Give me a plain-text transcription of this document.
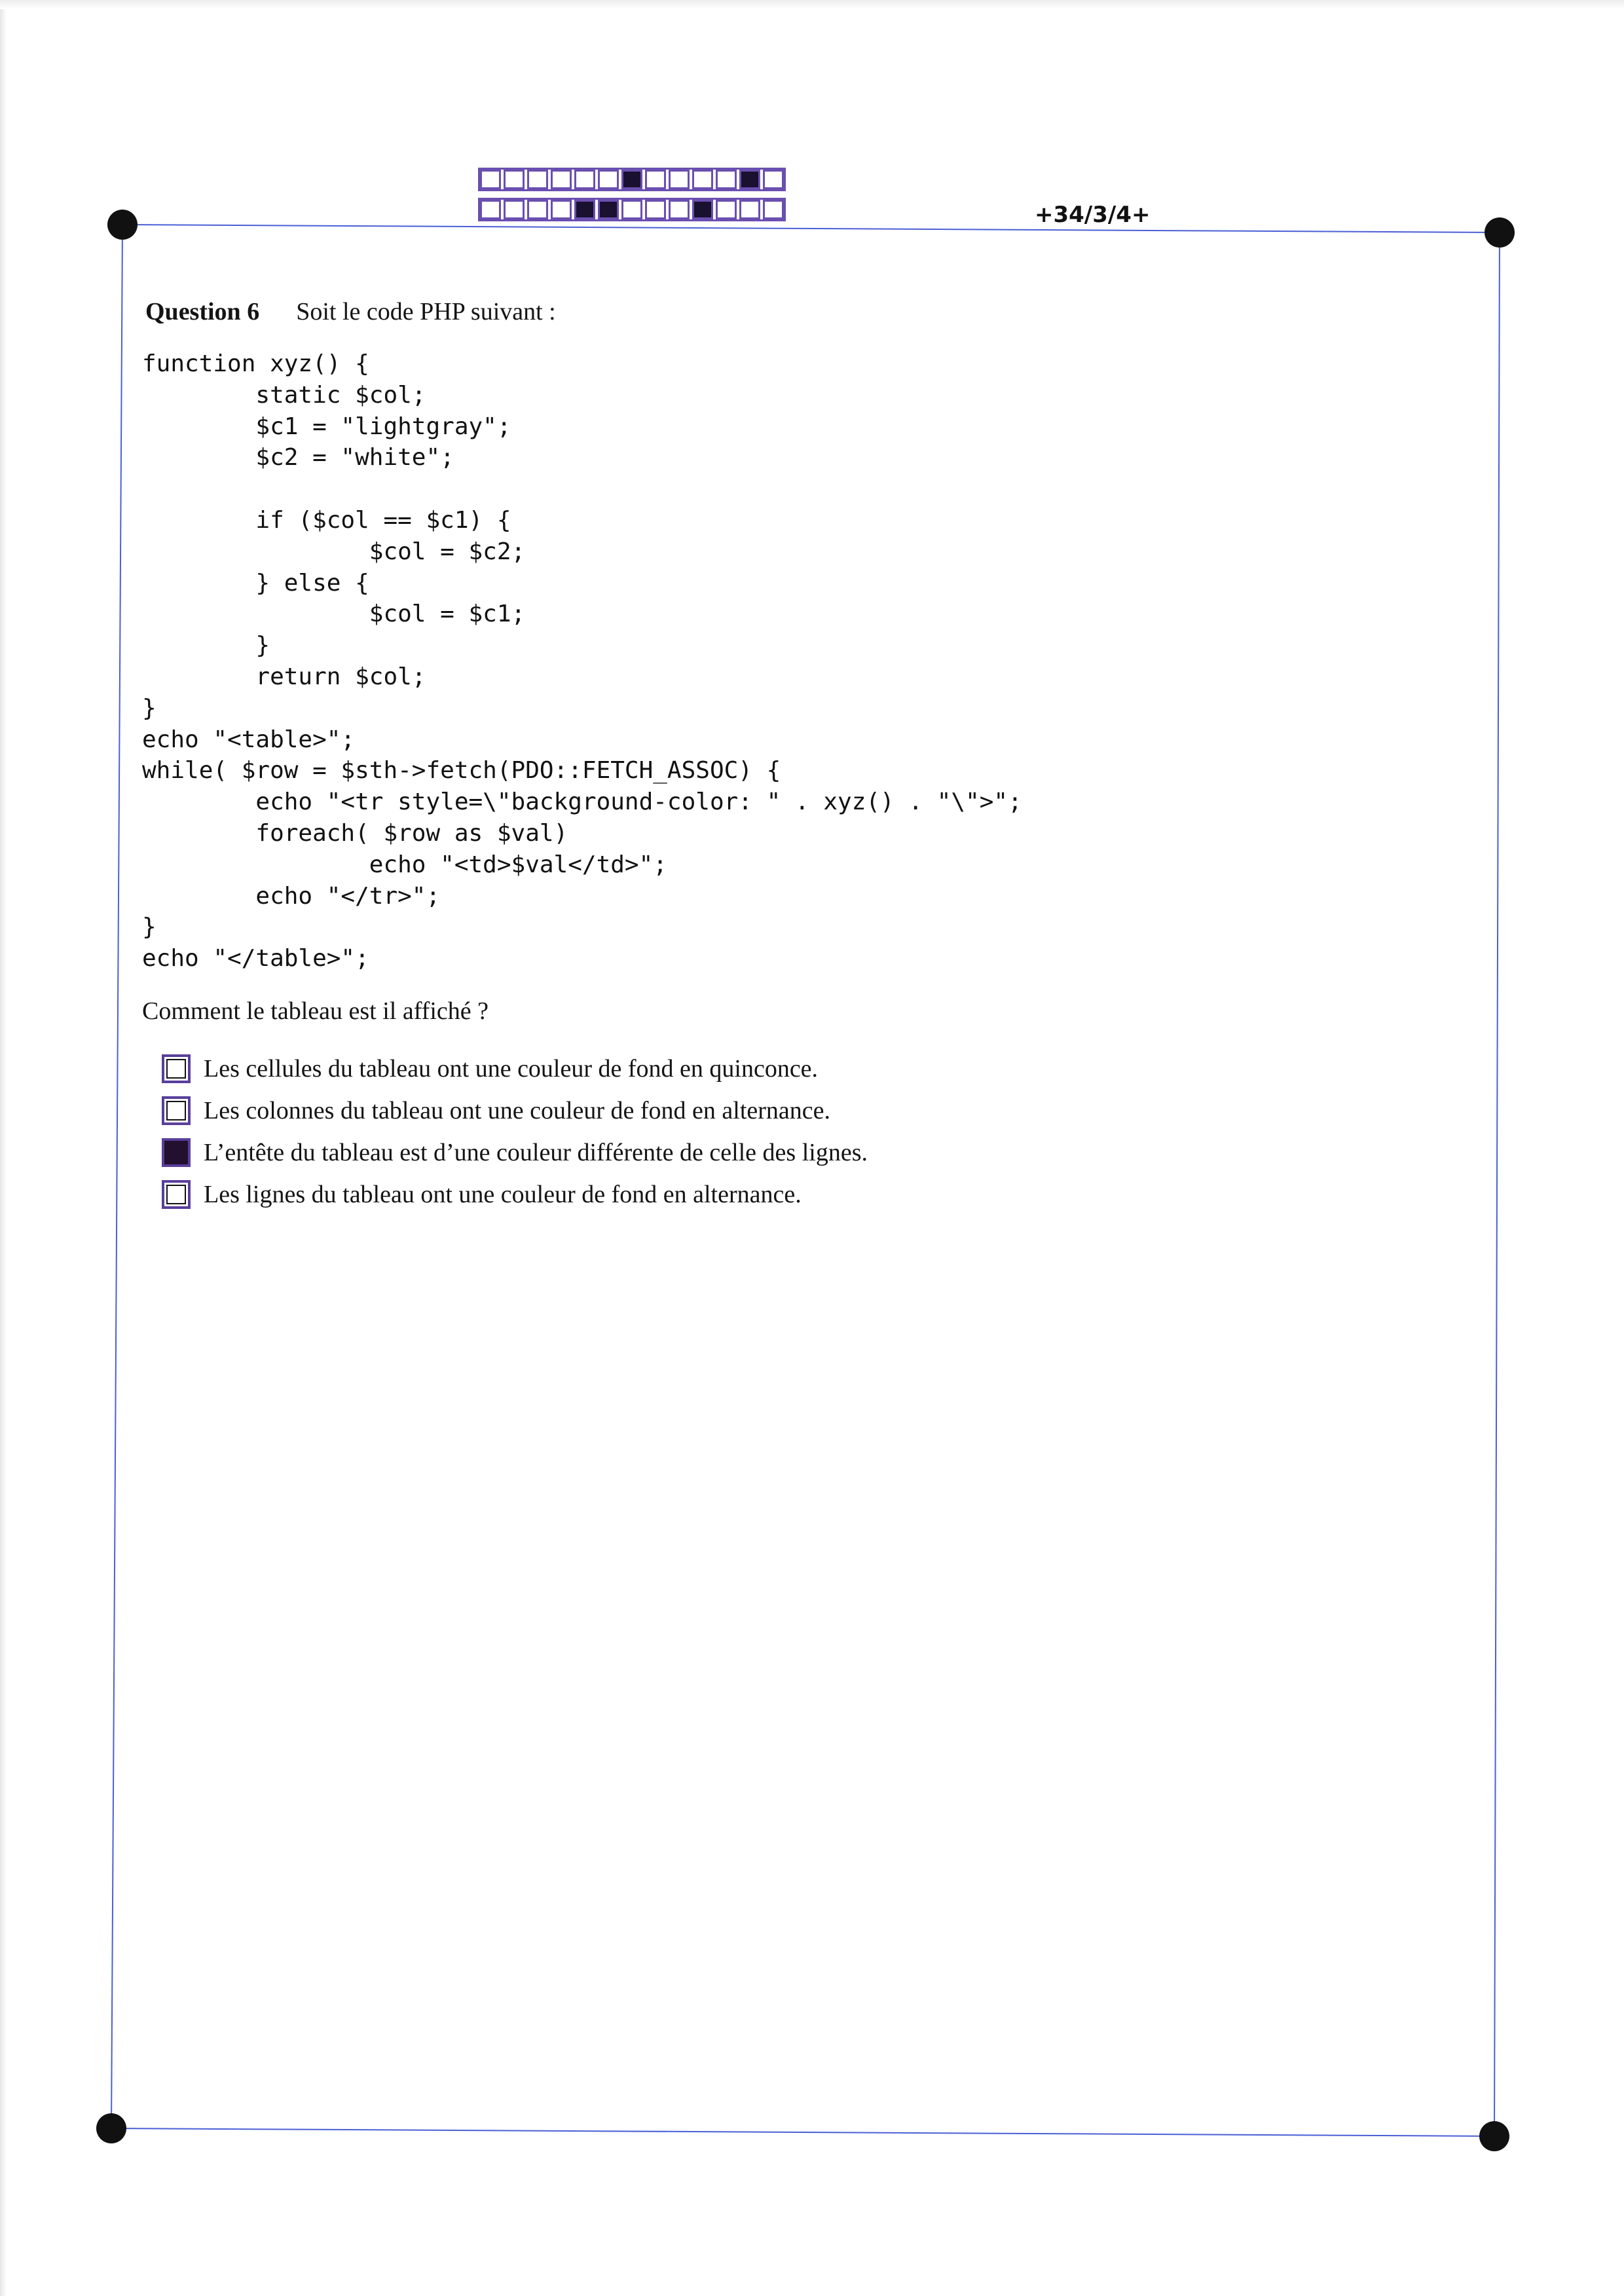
+34/3/4+
Question 6 Soit le code PHP suivant :
function xyz() {
static $col;
$c1 = "lightgray";
$c2 = "white";
if ($col == $c1) {
$col = $c2;
} else {
$col = $c1;
}
return $col;
}
echo "<table>";
while( $row = $sth->fetch(PDO::FETCH_ASSOC) {
echo "<tr style=\"background-color: " . xyz() . "\">";
foreach( $row as $val)
echo "<td>$val</td>";
echo "</tr>";
}
echo "</table>";
Comment le tableau est il affiché ?
Les cellules du tableau ont une couleur de fond en quinconce.
Les colonnes du tableau ont une couleur de fond en alternance.
L’entête du tableau est d’une couleur différente de celle des lignes.
Les lignes du tableau ont une couleur de fond en alternance.
